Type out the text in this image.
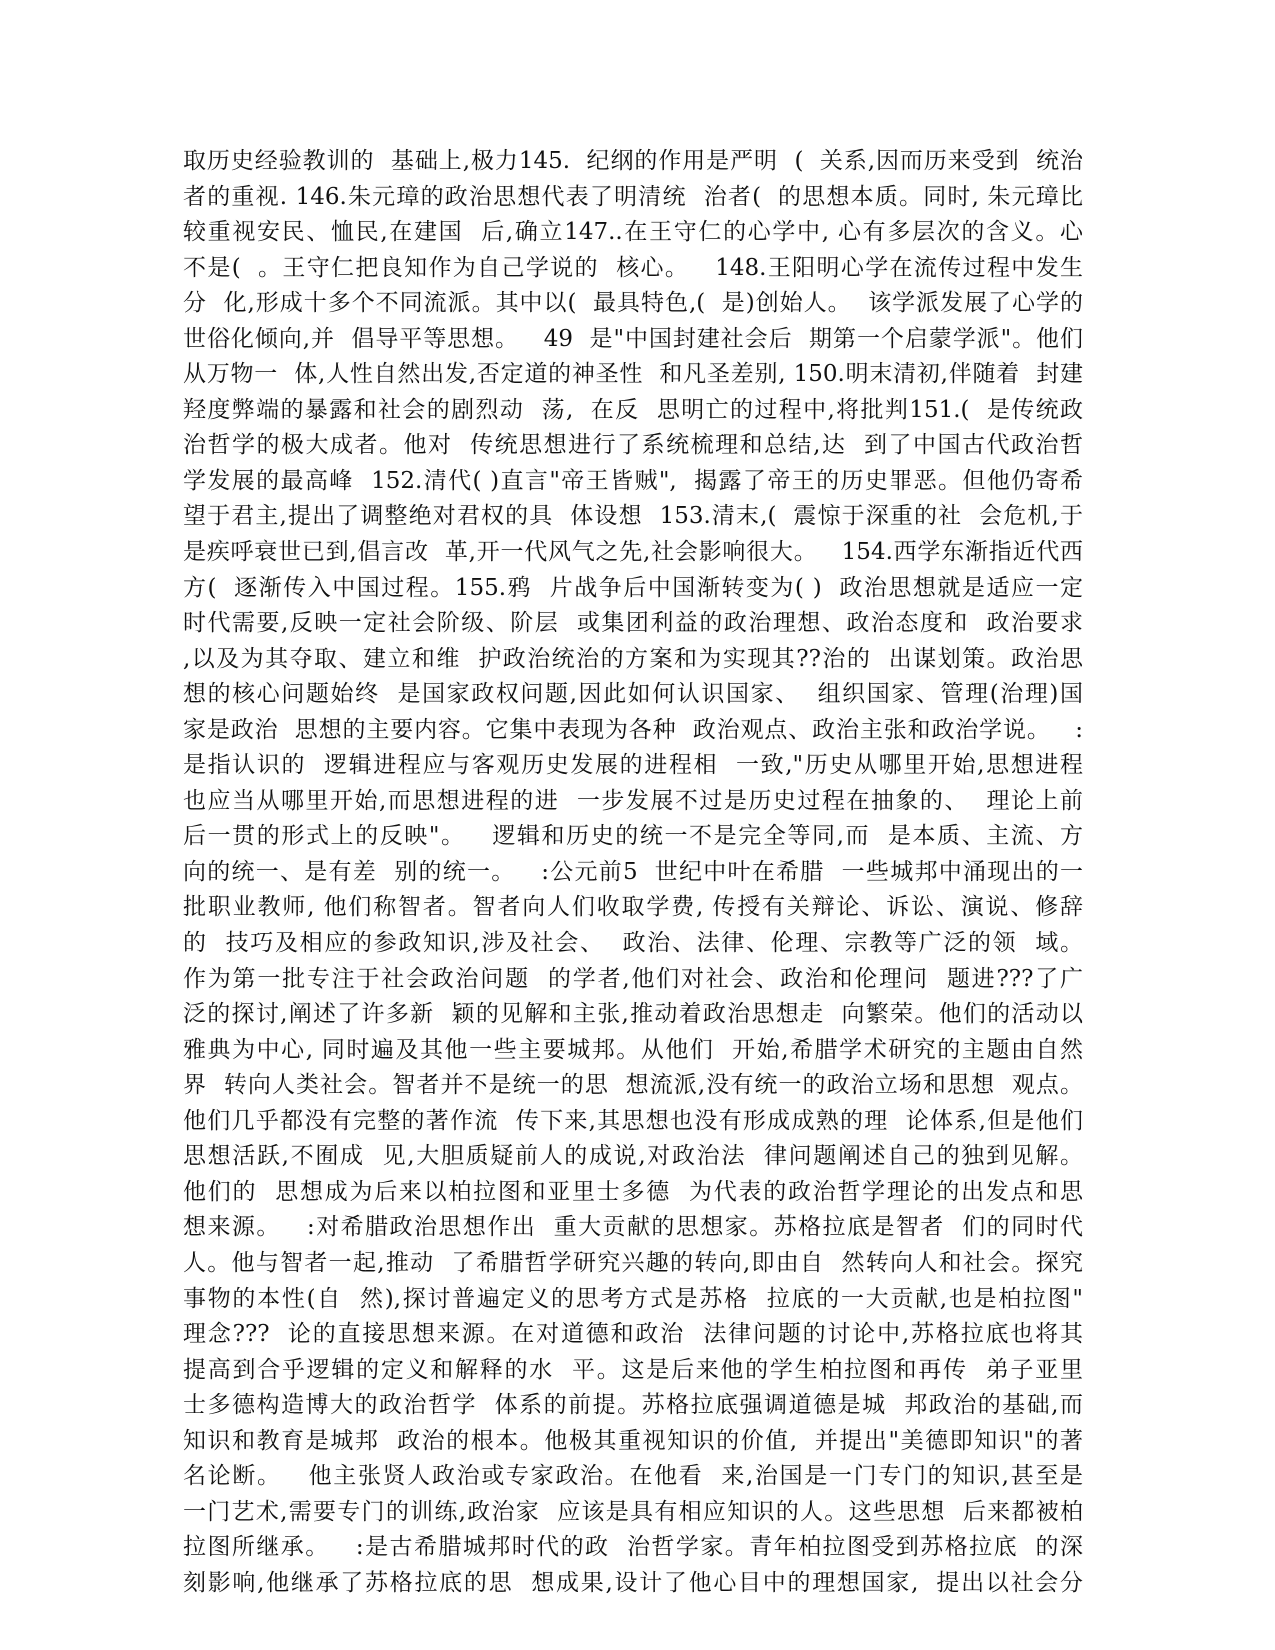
取历史经验教训的  基础上,极力145.  纪纲的作用是严明  (  关系,因而历来受到  统治
者的重视. 146.朱元璋的政治思想代表了明清统  治者(  的思想本质。同时, 朱元璋比
较重视安民、恤民,在建国  后,确立147..在王守仁的心学中, 心有多层次的含义。心
不是(  。王守仁把良知作为自己学说的  核心。   148.王阳明心学在流传过程中发生
分  化,形成十多个不同流派。其中以(  最具特色,(  是)创始人。  该学派发展了心学的
世俗化倾向,并  倡导平等思想。   49  是"中国封建社会后  期第一个启蒙学派"。他们
从万物一  体,人性自然出发,否定道的神圣性  和凡圣差别, 150.明末清初,伴随着  封建
羟度弊端的暴露和社会的剧烈动  荡,  在反  思明亡的过程中,将批判151.(  是传统政
治哲学的极大成者。他对  传统思想进行了系统梳理和总结,达  到了中国古代政治哲
学发展的最高峰  152.清代( )直言"帝王皆贼",  揭露了帝王的历史罪恶。但他仍寄希
望于君主,提出了调整绝对君权的具  体设想  153.清末,(  震惊于深重的社  会危机,于
是疾呼衰世已到,倡言改  革,开一代风气之先,社会影响很大。   154.西学东渐指近代西
方(  逐渐传入中国过程。155.鸦  片战争后中国渐转变为( )  政治思想就是适应一定
时代需要,反映一定社会阶级、阶层  或集团利益的政治理想、政治态度和  政治要求
,以及为其夺取、建立和维  护政治统治的方案和为实现其??治的  出谋划策。政治思
想的核心问题始终  是国家政权问题,因此如何认识国家、  组织国家、管理(治理)国
家是政治  思想的主要内容。它集中表现为各种  政治观点、政治主张和政治学说。   :
是指认识的  逻辑进程应与客观历史发展的进程相  一致,"历史从哪里开始,思想进程
也应当从哪里开始,而思想进程的进  一步发展不过是历史过程在抽象的、  理论上前
后一贯的形式上的反映"。   逻辑和历史的统一不是完全等同,而  是本质、主流、方
向的统一、是有差  别的统一。   :公元前5  世纪中叶在希腊  一些城邦中涌现出的一
批职业教师, 他们称智者。智者向人们收取学费, 传授有关辩论、诉讼、演说、修辞
的  技巧及相应的参政知识,涉及社会、  政治、法律、伦理、宗教等广泛的领  域。
作为第一批专注于社会政治问题  的学者,他们对社会、政治和伦理问  题进???了广
泛的探讨,阐述了许多新  颖的见解和主张,推动着政治思想走  向繁荣。他们的活动以
雅典为中心, 同时遍及其他一些主要城邦。从他们  开始,希腊学术研究的主题由自然
界  转向人类社会。智者并不是统一的思  想流派,没有统一的政治立场和思想  观点。
他们几乎都没有完整的著作流  传下来,其思想也没有形成成熟的理  论体系,但是他们
思想活跃,不囿成  见,大胆质疑前人的成说,对政治法  律问题阐述自己的独到见解。
他们的  思想成为后来以柏拉图和亚里士多德  为代表的政治哲学理论的出发点和思
想来源。   :对希腊政治思想作出  重大贡献的思想家。苏格拉底是智者  们的同时代
人。他与智者一起,推动  了希腊哲学研究兴趣的转向,即由自  然转向人和社会。探究
事物的本性(自  然),探讨普遍定义的思考方式是苏格  拉底的一大贡献,也是柏拉图"
理念???  论的直接思想来源。在对道德和政治  法律问题的讨论中,苏格拉底也将其
提高到合乎逻辑的定义和解释的水  平。这是后来他的学生柏拉图和再传  弟子亚里
士多德构造博大的政治哲学  体系的前提。苏格拉底强调道德是城  邦政治的基础,而
知识和教育是城邦  政治的根本。他极其重视知识的价值,  并提出"美德即知识"的著
名论断。   他主张贤人政治或专家政治。在他看  来,治国是一门专门的知识,甚至是
一门艺术,需要专门的训练,政治家  应该是具有相应知识的人。这些思想  后来都被柏
拉图所继承。   :是古希腊城邦时代的政  治哲学家。青年柏拉图受到苏格拉底  的深
刻影响,他继承了苏格拉底的思  想成果,设计了他心目中的理想国家,  提出以社会分
